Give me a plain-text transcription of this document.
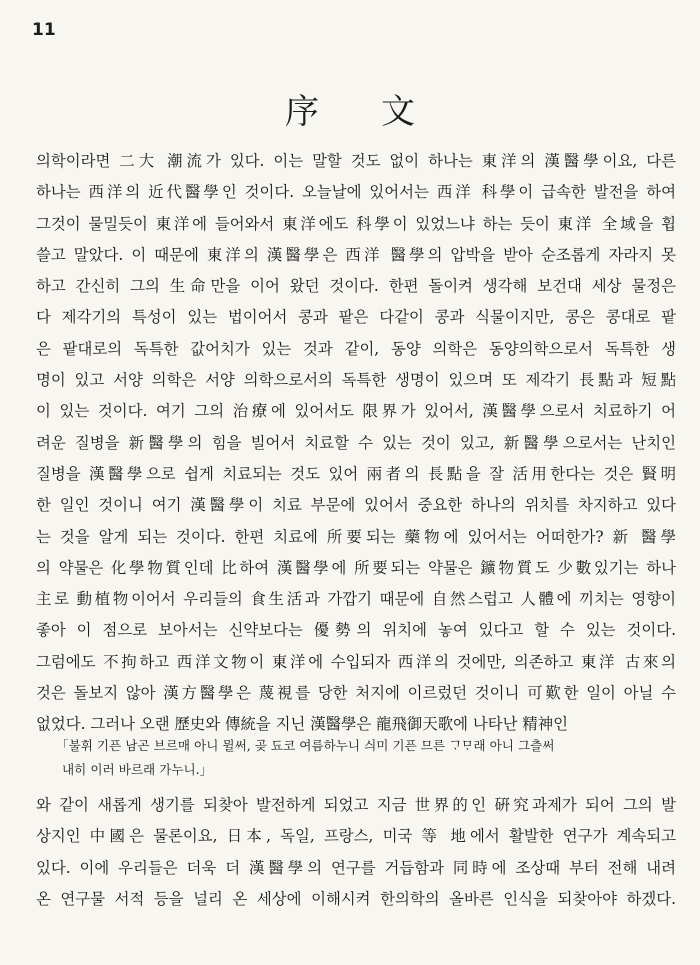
11
序文
의학이라면 二大 潮流가 있다. 이는 말할 것도 없이 하나는 東洋의 漢醫學이요, 다른
하나는 西洋의 近代醫學인 것이다. 오늘날에 있어서는 西洋 科學이 급속한 발전을 하여
그것이 물밀듯이 東洋에 들어와서 東洋에도 科學이 있었느냐 하는 듯이 東洋 全域을 휩
쓸고 말았다. 이 때문에 東洋의 漢醫學은 西洋 醫學의 압박을 받아 순조롭게 자라지 못
하고 간신히 그의 生命만을 이어 왔던 것이다. 한편 돌이켜 생각해 보건대 세상 물정은
다 제각기의 특성이 있는 법이어서 콩과 팥은 다같이 콩과 식물이지만, 콩은 콩대로 팥
은 팥대로의 독특한 값어치가 있는 것과 같이, 동양 의학은 동양의학으로서 독특한 생
명이 있고 서양 의학은 서양 의학으로서의 독특한 생명이 있으며 또 제각기 長點과 短點
이 있는 것이다. 여기 그의 治療에 있어서도 限界가 있어서, 漢醫學으로서 치료하기 어
려운 질병을 新醫學의 힘을 빌어서 치료할 수 있는 것이 있고, 新醫學으로서는 난치인
질병을 漢醫學으로 쉽게 치료되는 것도 있어 兩者의 長點을 잘 活用한다는 것은 賢明
한 일인 것이니 여기 漢醫學이 치료 부문에 있어서 중요한 하나의 위치를 차지하고 있다
는 것을 알게 되는 것이다. 한편 치료에 所要되는 藥物에 있어서는 어떠한가? 新 醫學
의 약물은 化學物質인데 比하여 漢醫學에 所要되는 약물은 鑛物質도 少數있기는 하나
主로 動植物이어서 우리들의 食生活과 가깝기 때문에 自然스럽고 人體에 끼치는 영향이
좋아 이 점으로 보아서는 신약보다는 優勢의 위치에 놓여 있다고 할 수 있는 것이다.
그럼에도 不拘하고 西洋文物이 東洋에 수입되자 西洋의 것에만, 의존하고 東洋 古來의
것은 돌보지 않아 漢方醫學은 蔑視를 당한 처지에 이르렀던 것이니 可歎한 일이 아닐 수
없었다. 그러나 오랜 歷史와 傳統을 지닌 漢醫學은 龍飛御天歌에 나타난 精神인
「불휘 기픈 남곤 브르매 아니 뮐써, 곶 됴코 여름하누니 싀미 기픈 므른 ᄀᆞᄆᆞ래 아니 그츨써
내히 이러 바르래 가누니.」
와 같이 새롭게 생기를 되찾아 발전하게 되었고 지금 世界的인 硏究과제가 되어 그의 발
상지인 中國은 물론이요, 日本, 독일, 프랑스, 미국 等 地에서 활발한 연구가 계속되고
있다. 이에 우리들은 더욱 더 漢醫學의 연구를 거듭함과 同時에 조상때 부터 전해 내려
온 연구물 서적 등을 널리 온 세상에 이해시켜 한의학의 올바른 인식을 되찾아야 하겠다.
